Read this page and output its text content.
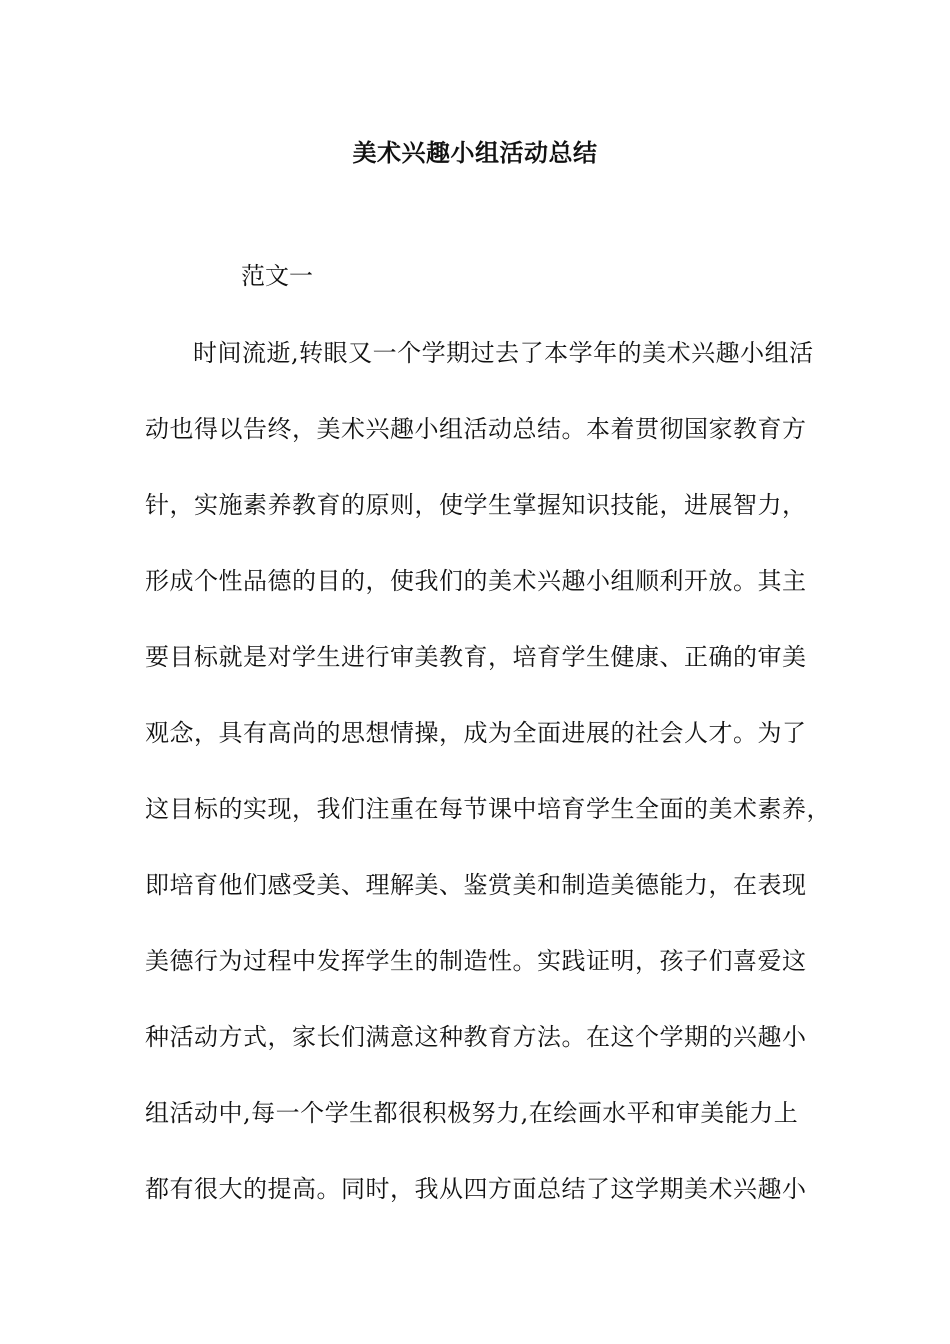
美术兴趣小组活动总结
范文一
时间流逝,转眼又一个学期过去了本学年的美术兴趣小组活
动也得以告终，美术兴趣小组活动总结。本着贯彻国家教育方
针，实施素养教育的原则，使学生掌握知识技能，进展智力，
形成个性品德的目的，使我们的美术兴趣小组顺利开放。其主
要目标就是对学生进行审美教育，培育学生健康、正确的审美
观念，具有高尚的思想情操，成为全面进展的社会人才。为了
这目标的实现，我们注重在每节课中培育学生全面的美术素养，
即培育他们感受美、理解美、鉴赏美和制造美德能力，在表现
美德行为过程中发挥学生的制造性。实践证明，孩子们喜爱这
种活动方式，家长们满意这种教育方法。在这个学期的兴趣小
组活动中,每一个学生都很积极努力,在绘画水平和审美能力上
都有很大的提高。同时，我从四方面总结了这学期美术兴趣小
